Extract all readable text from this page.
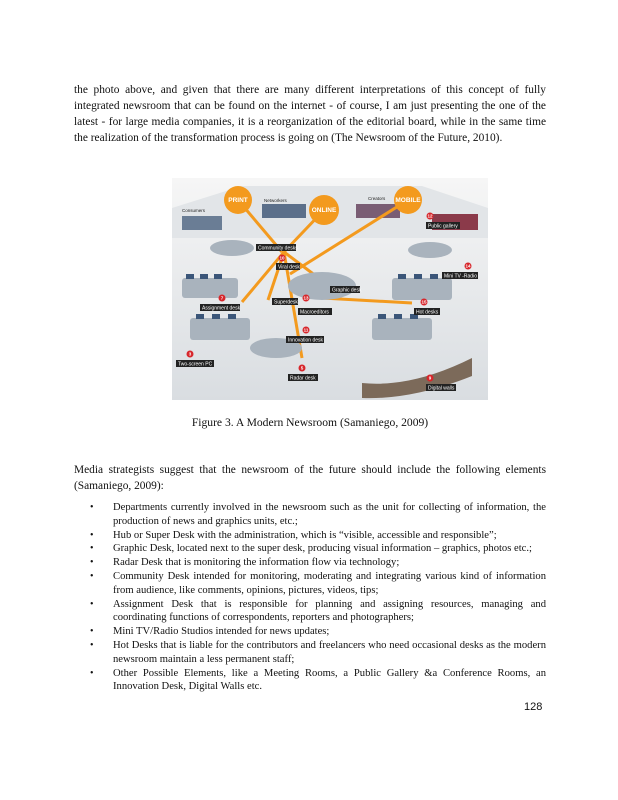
the photo above, and given that there are many different interpretations of this concept of fully integrated newsroom that can be found on the internet - of course, I am just presenting the one of the latest - for large media companies, it is a reorganization of the editorial board, while in the same time the realization of the transformation process is going on (The Newsroom of the Future, 2010).

PRINT
ONLINE
MOBILE
Consumers
Networkers	Creators
Community desks
10
Viral desk
Graphic desk
12
Public gallery
14
Mini TV -Radio
7
Assignment desk
Superdesk
13
Macroeditors
15
Hot desks
11
Innovation desk
3
Two-screen PC
5
Radar desk	9
Digital walls
Figure 3. A Modern Newsroom (Samaniego, 2009)

Media strategists suggest that the newsroom of the future should include the following elements (Samaniego, 2009):

• Departments currently involved in the newsroom such as the unit for collecting of information, the production of news and graphics units, etc.;
• Hub or Super Desk with the administration, which is “visible, accessible and responsible”;
• Graphic Desk, located next to the super desk, producing visual information – graphics, photos etc.;
• Radar Desk that is monitoring the information flow via technology;
• Community Desk intended for monitoring, moderating and integrating various kind of information from audience, like comments, opinions, pictures, videos, tips;
• Assignment Desk that is responsible for planning and assigning resources, managing and coordinating functions of correspondents, reporters and photographers;
• Mini TV/Radio Studios intended for news updates;
• Hot Desks that is liable for the contributors and freelancers who need occasional desks as the modern newsroom maintain a less permanent staff;
• Other Possible Elements, like a Meeting Rooms, a Public Gallery &a Conference Rooms, an Innovation Desk, Digital Walls etc.
128
